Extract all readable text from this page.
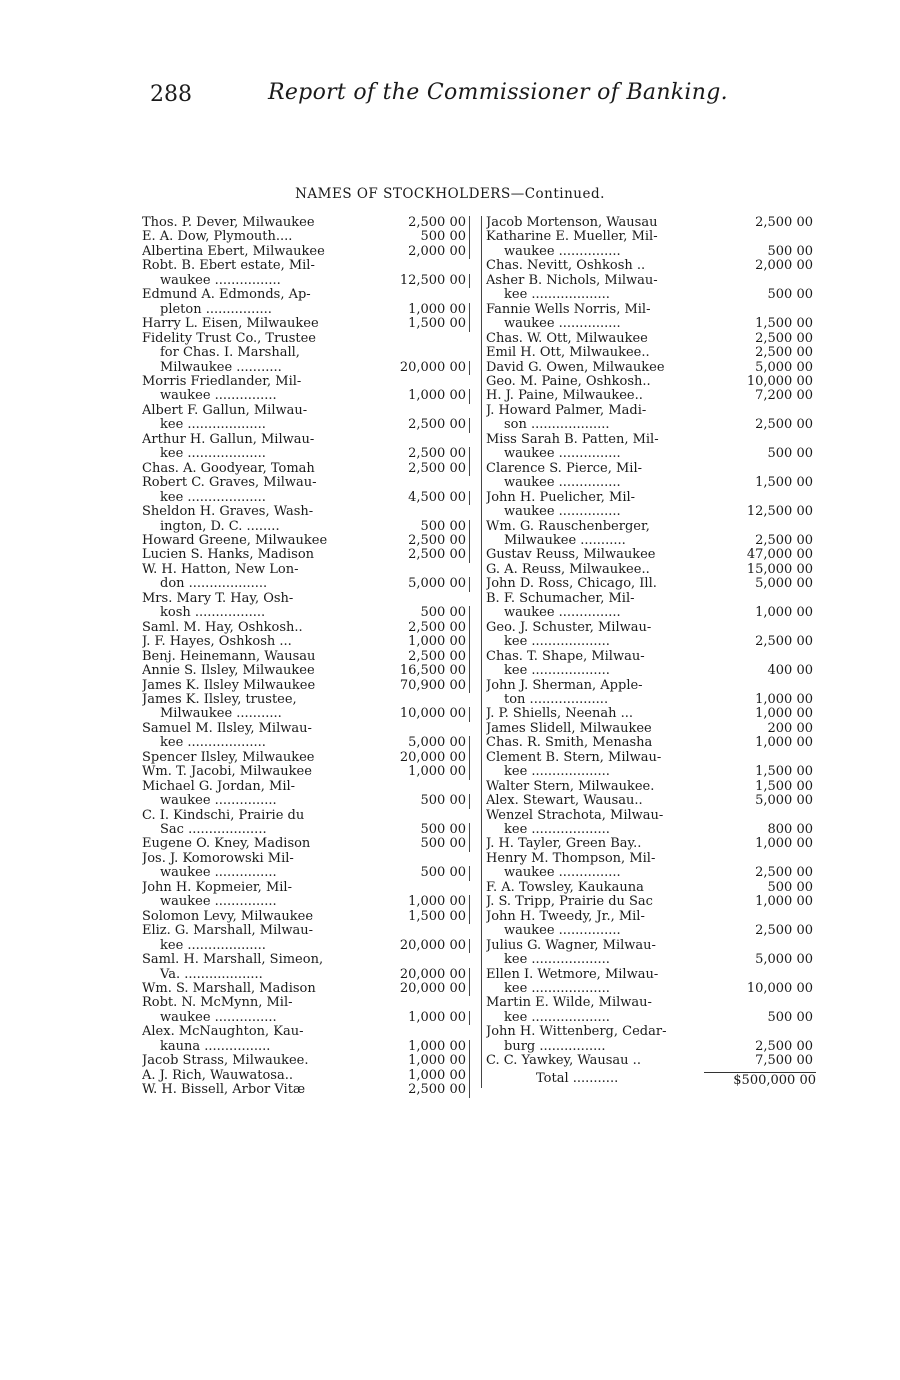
288	Report of the Commissioner of Banking.
NAMES OF STOCKHOLDERS—Continued.
Thos. P. Dever, Milwaukee	2,500 00
E. A. Dow, Plymouth....	500 00
Albertina Ebert, Milwaukee	2,000 00
Robt. B. Ebert estate, Mil-
waukee ................	12,500 00
Edmund A. Edmonds, Ap-
pleton ................	1,000 00
Harry L. Eisen, Milwaukee	1,500 00
Fidelity Trust Co., Trustee
for Chas. I. Marshall,
Milwaukee ...........	20,000 00
Morris Friedlander, Mil-
waukee ...............	1,000 00
Albert F. Gallun, Milwau-
kee ...................	2,500 00
Arthur H. Gallun, Milwau-
kee ...................	2,500 00
Chas. A. Goodyear, Tomah	2,500 00
Robert C. Graves, Milwau-
kee ...................	4,500 00
Sheldon H. Graves, Wash-
ington, D. C. ........	500 00
Howard Greene, Milwaukee	2,500 00
Lucien S. Hanks, Madison	2,500 00
W. H. Hatton, New Lon-
don ...................	5,000 00
Mrs. Mary T. Hay, Osh-
kosh .................	500 00
Saml. M. Hay, Oshkosh..	2,500 00
J. F. Hayes, Oshkosh ...	1,000 00
Benj. Heinemann, Wausau	2,500 00
Annie S. Ilsley, Milwaukee	16,500 00
James K. Ilsley Milwaukee	70,900 00
James K. Ilsley, trustee,
Milwaukee ...........	10,000 00
Samuel M. Ilsley, Milwau-
kee ...................	5,000 00
Spencer Ilsley, Milwaukee	20,000 00
Wm. T. Jacobi, Milwaukee	1,000 00
Michael G. Jordan, Mil-
waukee ...............	500 00
C. I. Kindschi, Prairie du
Sac ...................	500 00
Eugene O. Kney, Madison	500 00
Jos. J. Komorowski Mil-
waukee ...............	500 00
John H. Kopmeier, Mil-
waukee ...............	1,000 00
Solomon Levy, Milwaukee	1,500 00
Eliz. G. Marshall, Milwau-
kee ...................	20,000 00
Saml. H. Marshall, Simeon,
Va. ...................	20,000 00
Wm. S. Marshall, Madison	20,000 00
Robt. N. McMynn, Mil-
waukee ...............	1,000 00
Alex. McNaughton, Kau-
kauna ................	1,000 00
Jacob Strass, Milwaukee.	1,000 00
A. J. Rich, Wauwatosa..	1,000 00
W. H. Bissell, Arbor Vitæ	2,500 00
Jacob Mortenson, Wausau	2,500 00
Katharine E. Mueller, Mil-
waukee ...............	500 00
Chas. Nevitt, Oshkosh ..	2,000 00
Asher B. Nichols, Milwau-
kee ...................	500 00
Fannie Wells Norris, Mil-
waukee ...............	1,500 00
Chas. W. Ott, Milwaukee	2,500 00
Emil H. Ott, Milwaukee..	2,500 00
David G. Owen, Milwaukee	5,000 00
Geo. M. Paine, Oshkosh..	10,000 00
H. J. Paine, Milwaukee..	7,200 00
J. Howard Palmer, Madi-
son ...................	2,500 00
Miss Sarah B. Patten, Mil-
waukee ...............	500 00
Clarence S. Pierce, Mil-
waukee ...............	1,500 00
John H. Puelicher, Mil-
waukee ...............	12,500 00
Wm. G. Rauschenberger,
Milwaukee ...........	2,500 00
Gustav Reuss, Milwaukee	47,000 00
G. A. Reuss, Milwaukee..	15,000 00
John D. Ross, Chicago, Ill.	5,000 00
B. F. Schumacher, Mil-
waukee ...............	1,000 00
Geo. J. Schuster, Milwau-
kee ...................	2,500 00
Chas. T. Shape, Milwau-
kee ...................	400 00
John J. Sherman, Apple-
ton ...................	1,000 00
J. P. Shiells, Neenah ...	1,000 00
James Slidell, Milwaukee	200 00
Chas. R. Smith, Menasha	1,000 00
Clement B. Stern, Milwau-
kee ...................	1,500 00
Walter Stern, Milwaukee.	1,500 00
Alex. Stewart, Wausau..	5,000 00
Wenzel Strachota, Milwau-
kee ...................	800 00
J. H. Tayler, Green Bay..	1,000 00
Henry M. Thompson, Mil-
waukee ...............	2,500 00
F. A. Towsley, Kaukauna	500 00
J. S. Tripp, Prairie du Sac	1,000 00
John H. Tweedy, Jr., Mil-
waukee ...............	2,500 00
Julius G. Wagner, Milwau-
kee ...................	5,000 00
Ellen I. Wetmore, Milwau-
kee ...................	10,000 00
Martin E. Wilde, Milwau-
kee ...................	500 00
John H. Wittenberg, Cedar-
burg ................	2,500 00
C. C. Yawkey, Wausau ..	7,500 00
Total ...........	$500,000 00
